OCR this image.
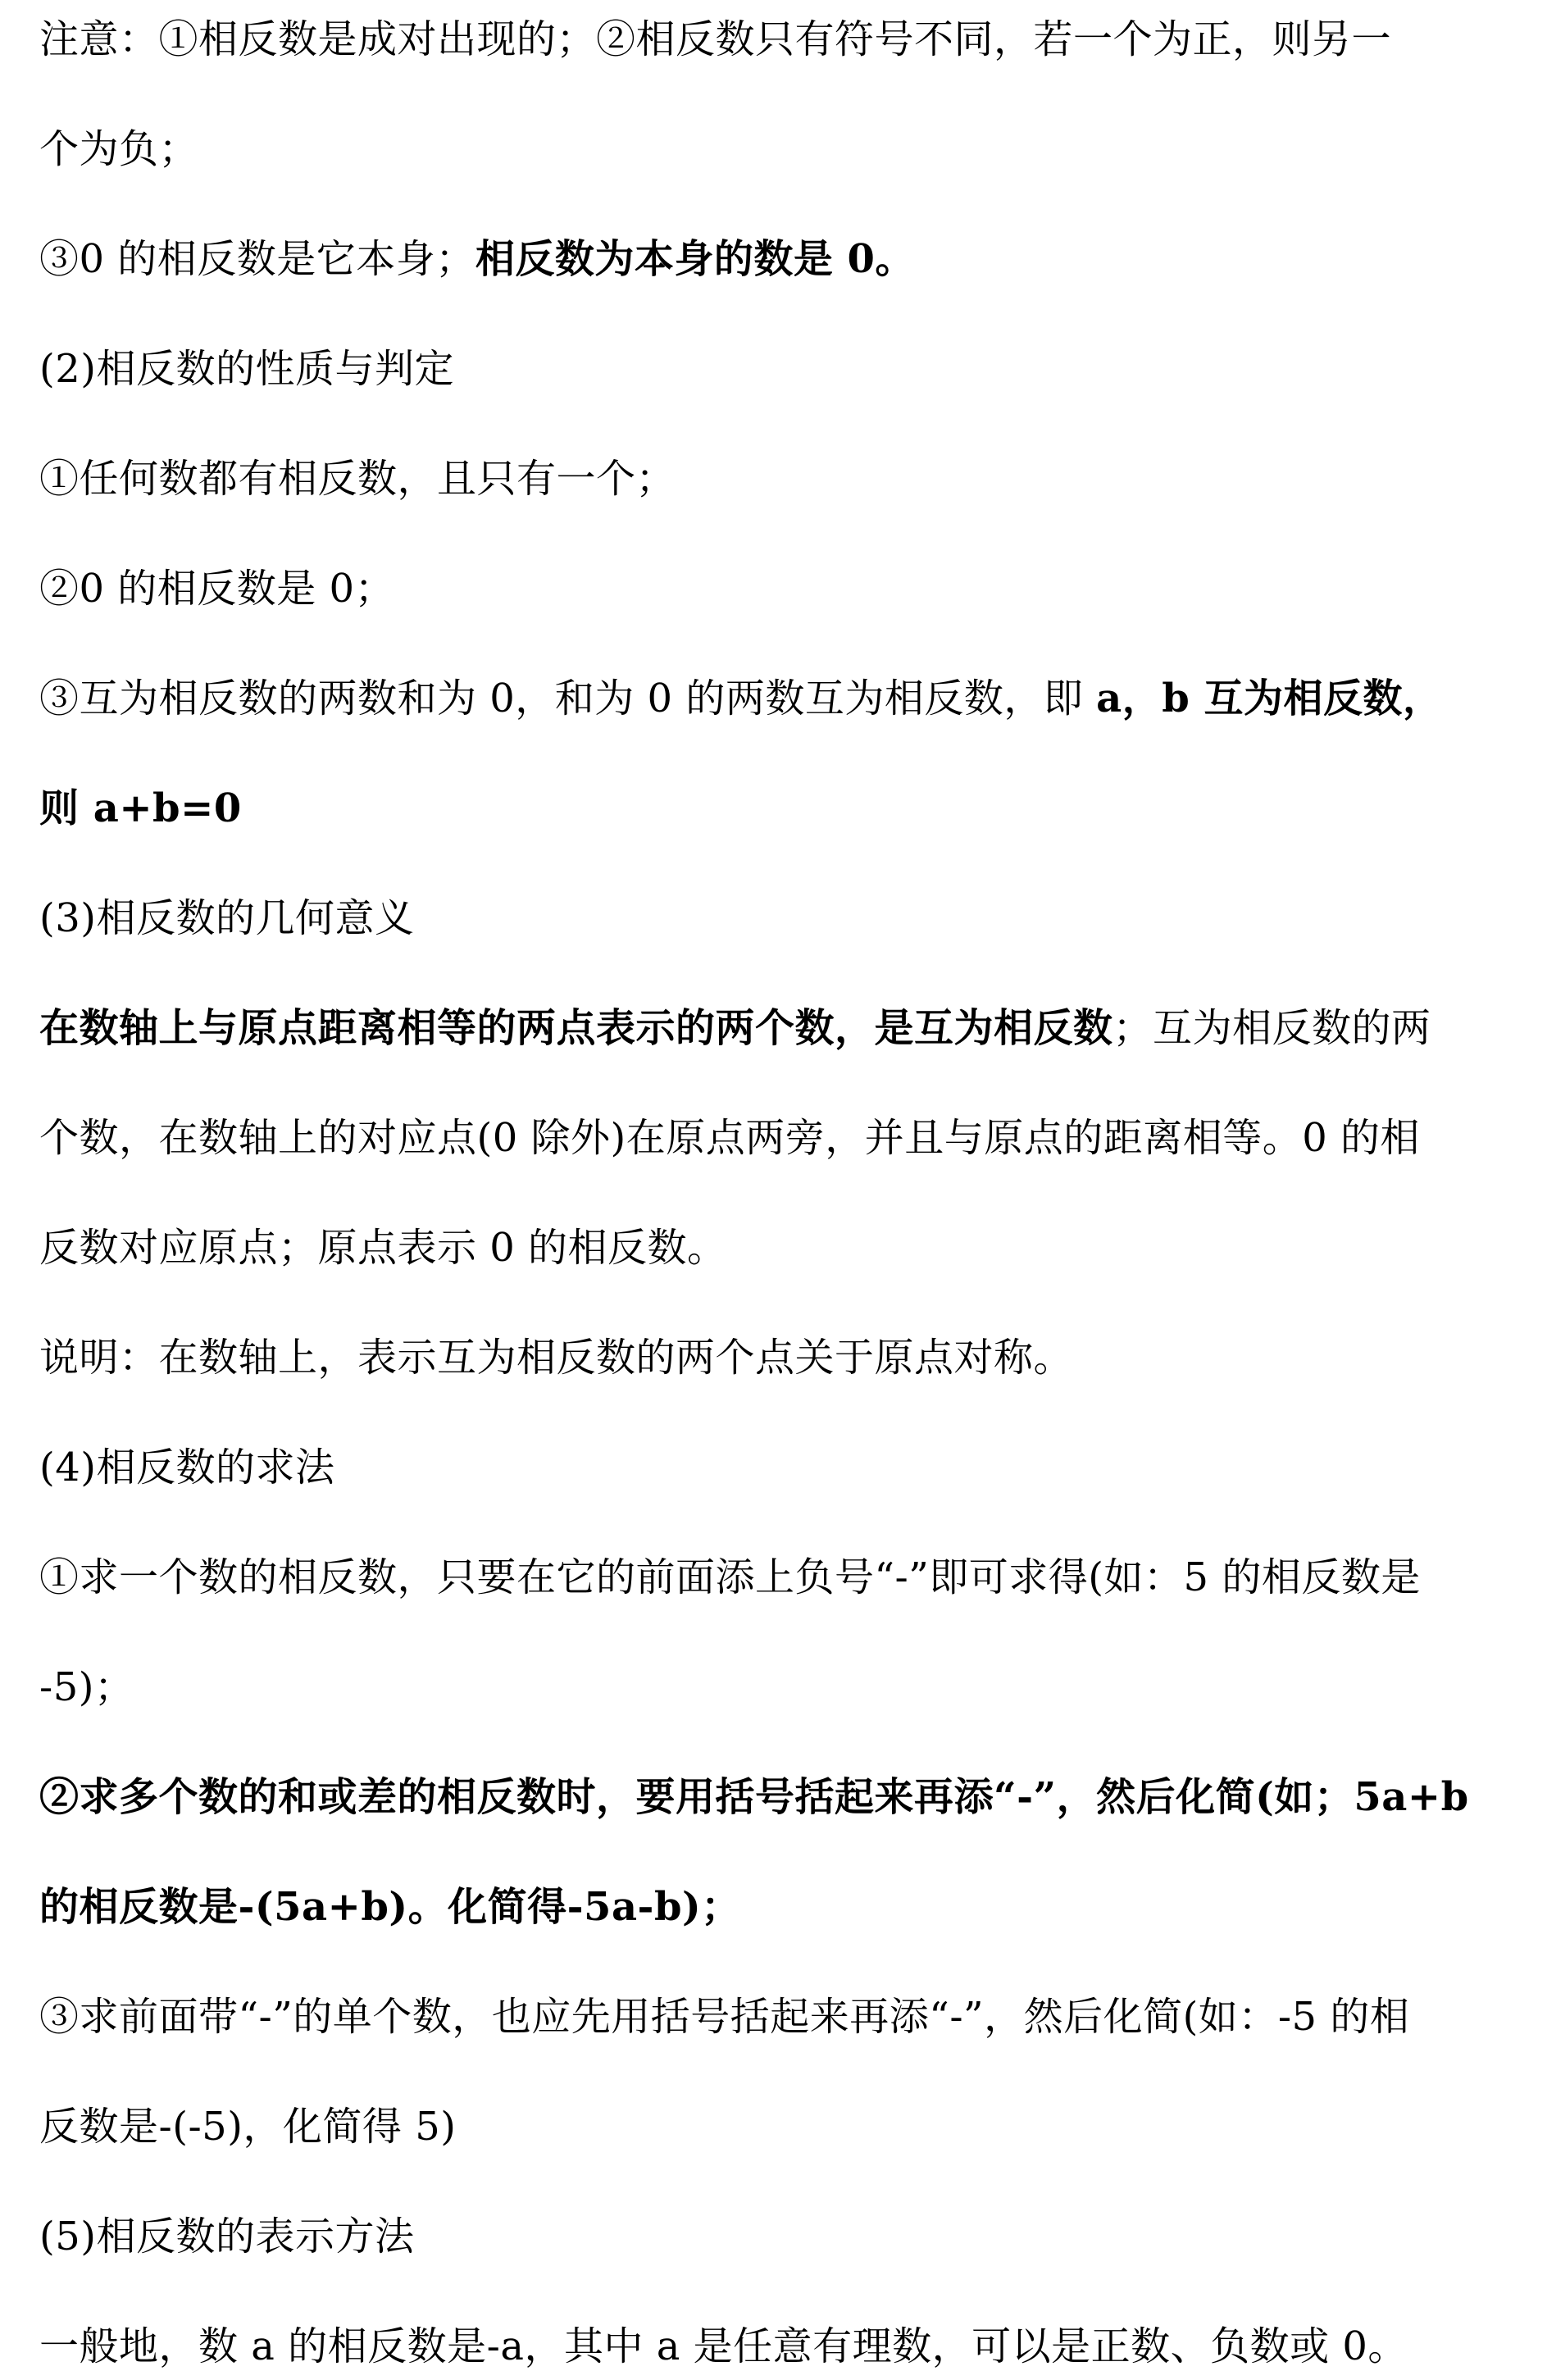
注意：①相反数是成对出现的；②相反数只有符号不同，若一个为正，则另一
个为负；
③0 的相反数是它本身；相反数为本身的数是 0。
(2)相反数的性质与判定
①任何数都有相反数，且只有一个；
②0 的相反数是 0；
③互为相反数的两数和为 0，和为 0 的两数互为相反数，即 a，b 互为相反数，
则 a+b=0
(3)相反数的几何意义
在数轴上与原点距离相等的两点表示的两个数，是互为相反数；互为相反数的两
个数，在数轴上的对应点(0 除外)在原点两旁，并且与原点的距离相等。0 的相
反数对应原点；原点表示 0 的相反数。
说明：在数轴上，表示互为相反数的两个点关于原点对称。
(4)相反数的求法
①求一个数的相反数，只要在它的前面添上负号“-”即可求得(如：5 的相反数是
-5)；
②求多个数的和或差的相反数时，要用括号括起来再添“-”，然后化简(如；5a+b
的相反数是-(5a+b)。化简得-5a-b)；
③求前面带“-”的单个数，也应先用括号括起来再添“-”，然后化简(如：-5 的相
反数是-(-5)，化简得 5)
(5)相反数的表示方法
一般地，数 a 的相反数是-a，其中 a 是任意有理数，可以是正数、负数或 0。
